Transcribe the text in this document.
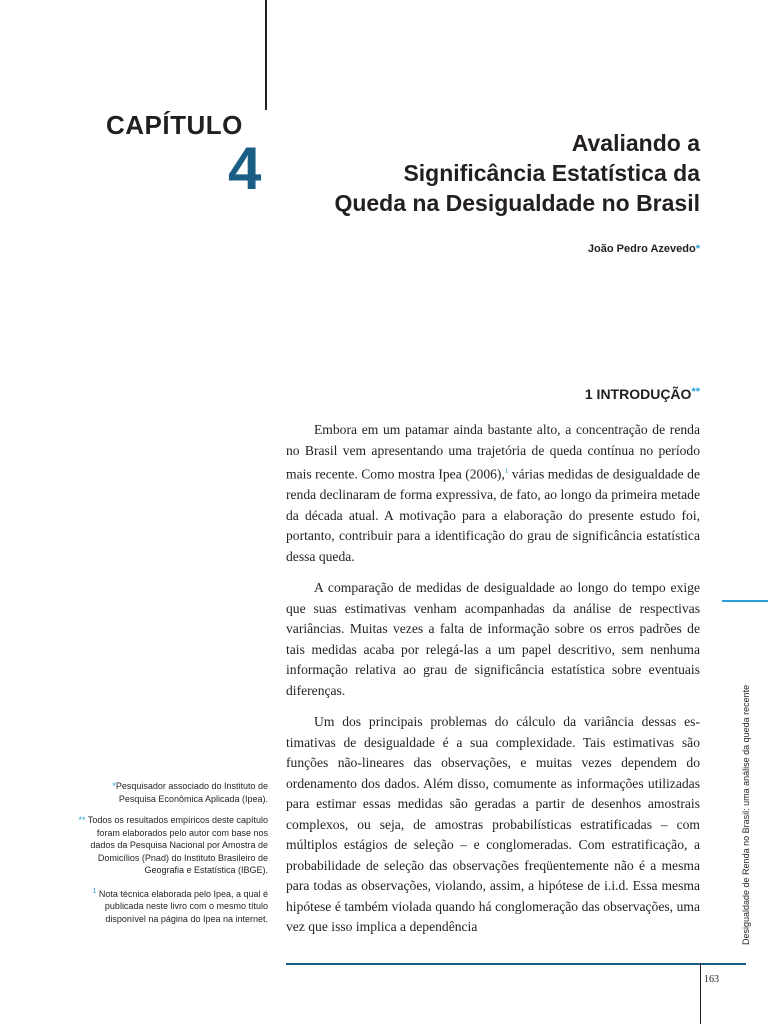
CAPÍTULO
4	Avaliando a
Significância Estatística da
Queda na Desigualdade no Brasil
João Pedro Azevedo*
1 INTRODUÇÃO**

Embora em um patamar ainda bastante alto, a concentração de renda no Brasil vem apresentando uma trajetória de queda contínua no período mais recente. Como mostra Ipea (2006),$^1$ várias medidas de desigualdade de renda declinaram de forma expressiva, de fato, ao longo da primeira metade da década atual. A motivação para a elaboração do presente estudo foi, portanto, contribuir para a identificação do grau de significância estatística dessa queda.

A comparação de medidas de desigualdade ao longo do tempo exige que suas estimativas venham acompanhadas da análise de respectivas variâncias. Muitas vezes a falta de informação sobre os erros padrões de tais medidas acaba por relegá-las a um papel descritivo, sem nenhuma informação relativa ao grau de significância estatística sobre eventuais diferenças.

Um dos principais problemas do cálculo da variância dessas estimativas de desigualdade é a sua complexidade. Tais estimativas são funções não-lineares das observações, e muitas vezes dependem do ordenamento dos dados. Além disso, comumente as informações utilizadas para estimar essas medidas são geradas a partir de desenhos amostrais complexos, ou seja, de amostras probabilísticas estratificadas – com múltiplos estágios de seleção – e conglomeradas. Com estratificação, a probabilidade de seleção das observações freqüentemente não é a mesma para todas as observações, violando, assim, a hipótese de i.i.d. Essa mesma hipótese é também violada quando há conglomeração das observações, uma vez que isso implica a dependência

*Pesquisador associado do Instituto de Pesquisa Econômica Aplicada (Ipea).

** Todos os resultados empíricos deste capítulo foram elaborados pelo autor com base nos dados da Pesquisa Nacional por Amostra de Domicílios (Pnad) do Instituto Brasileiro de Geografia e Estatística (IBGE).

$^1$ Nota técnica elaborada pelo Ipea, a qual é publicada neste livro com o mesmo título disponível na página do Ipea na internet.	Desigualdade de Renda no Brasil: uma análise da queda recente
163
